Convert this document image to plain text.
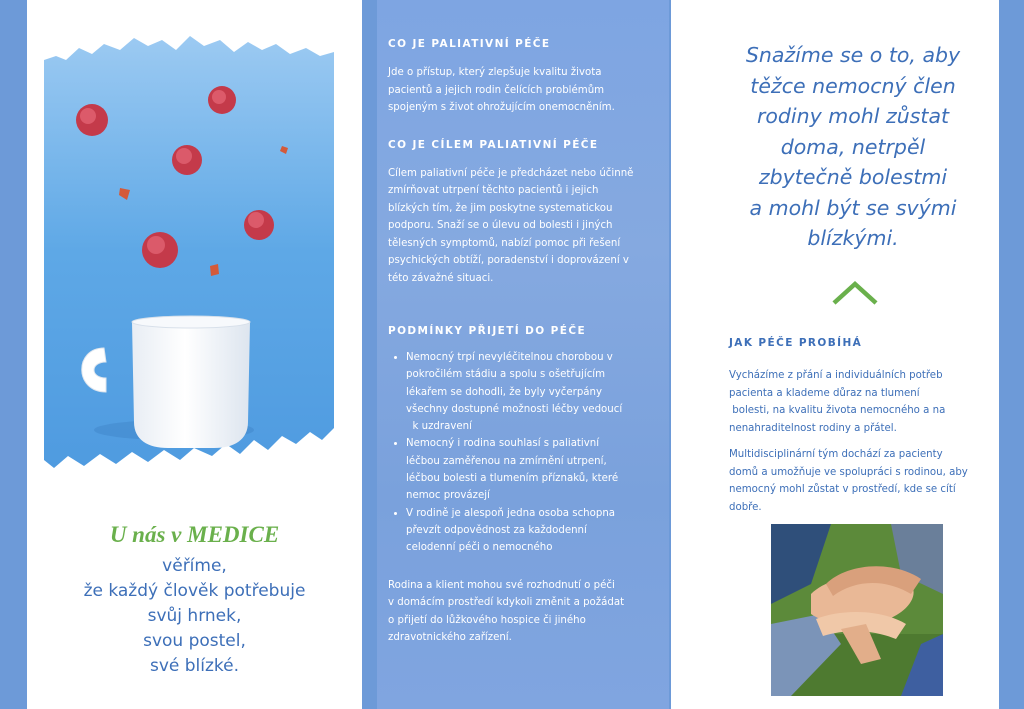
U nás v MEDICE

věříme,

že každý člověk potřebuje

svůj hrnek,

svou postel,

své blízké.

CO JE PALIATIVNÍ PÉČE

Jde o přístup, který zlepšuje kvalitu života

pacientů a jejich rodin čelících problémům

spojeným s život ohrožujícím onemocněním.

CO JE CÍLEM PALIATIVNÍ PÉČE

Cílem paliativní péče je předcházet nebo účinně

zmírňovat utrpení těchto pacientů i jejich

blízkých tím, že jim poskytne systematickou

podporu. Snaží se o úlevu od bolesti i jiných

tělesných symptomů, nabízí pomoc při řešení

psychických obtíží, poradenství i doprovázení v

této závažné situaci.

PODMÍNKY PŘIJETÍ DO PÉČE

• Nemocný trpí nevyléčitelnou chorobou v
pokročilém stádiu a spolu s ošetřujícím
lékařem se dohodli, že byly vyčerpány
všechny dostupné možnosti léčby vedoucí
k uzdravení
• Nemocný i rodina souhlasí s paliativní
léčbou zaměřenou na zmírnění utrpení,
léčbou bolesti a tlumením příznaků, které
nemoc provázejí
• V rodině je alespoň jedna osoba schopna
převzít odpovědnost za každodenní
celodenní péči o nemocného

Rodina a klient mohou své rozhodnutí o péči

v domácím prostředí kdykoli změnit a požádat

o přijetí do lůžkového hospice či jiného

zdravotnického zařízení.

Snažíme se o to, aby
těžce nemocný člen
rodiny mohl zůstat
doma, netrpěl
zbytečně bolestmi
a mohl být se svými
blízkými.

JAK PÉČE PROBÍHÁ

Vycházíme z přání a individuálních potřeb
pacienta a klademe důraz na tlumení
bolesti, na kvalitu života nemocného a na
nenahraditelnost rodiny a přátel.
Multidisciplinární tým dochází za pacienty
domů a umožňuje ve spolupráci s rodinou, aby
nemocný mohl zůstat v prostředí, kde se cítí
dobře.
